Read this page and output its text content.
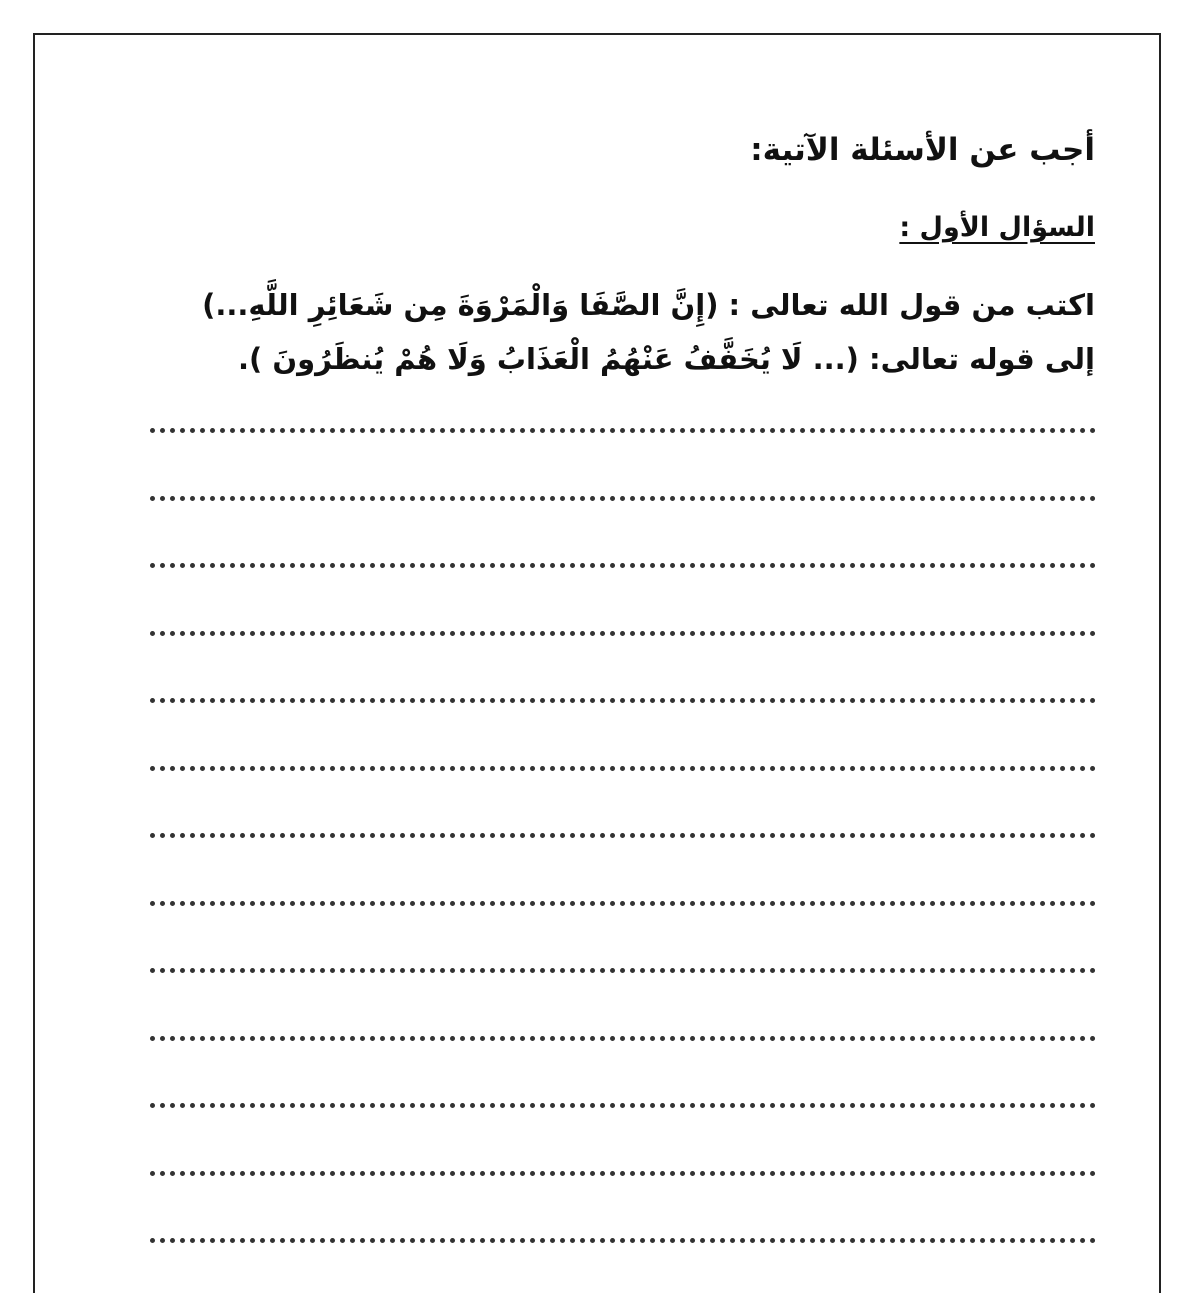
أجب عن الأسئلة الآتية:
السؤال الأول :
اكتب من قول الله تعالى : (إِنَّ الصَّفَا وَالْمَرْوَةَ مِن شَعَائِرِ اللَّهِ...)
إلى قوله تعالى: (... لَا يُخَفَّفُ عَنْهُمُ الْعَذَابُ وَلَا هُمْ يُنظَرُونَ ).
